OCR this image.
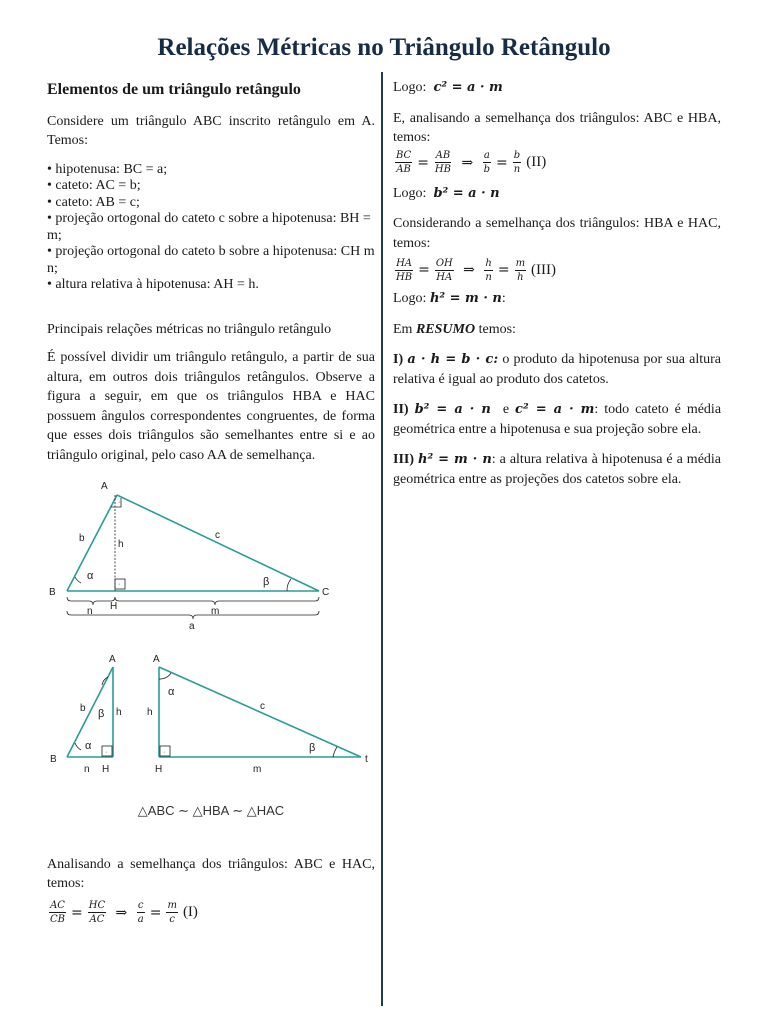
Relações Métricas no Triângulo Retângulo

Elementos de um triângulo retângulo

Considere um triângulo ABC inscrito retângulo em A. Temos:

• hipotenusa: BC = a;

• cateto: AC = b;

• cateto: AB = c;

• projeção ortogonal do cateto c sobre a hipotenusa: BH = m;

• projeção ortogonal do cateto b sobre a hipotenusa: CH m n;

• altura relativa à hipotenusa: AH = h.

Principais relações métricas no triângulo retângulo

É possível dividir um triângulo retângulo, a partir de sua altura, em outros dois triângulos retângulos. Observe a figura a seguir, em que os triângulos HBA e HAC possuem ângulos correspondentes congruentes, de forma que esses dois triângulos são semelhantes entre si e ao triângulo original, pelo caso AA de semelhança.

·
·
A
B	C
H
b	c
h
α	β
n	m
a
·	·
A
B
b	h
β
α
n H
A
h
α
c
β
H	m
t

△ABC ∼ △HBA ∼ △HAC

Analisando a semelhança dos triângulos: ABC e HAC, temos:

$\frac{AC}{CB} = \frac{HC}{AC}$ ⇒ $\frac{c}{a} = \frac{m}{c} (I)$

Logo: c² = a · m

E, analisando a semelhança dos triângulos: ABC e HBA, temos:

$\frac{BC}{AB} = \frac{AB}{HB}$ ⇒ $\frac{a}{b} = \frac{b}{n} (II)$

Logo: b² = a · n

Considerando a semelhança dos triângulos: HBA e HAC, temos:

$\frac{HA}{HB} = \frac{OH}{HA}$ ⇒ $\frac{h}{n} = \frac{m}{h} (III)$

Logo: h² = m · n:

Em RESUMO temos:

I) a · h = b · c: o produto da hipotenusa por sua altura relativa é igual ao produto dos catetos.

II) b² = a · n e c² = a · m: todo cateto é média geométrica entre a hipotenusa e sua projeção sobre ela.

III) h² = m · n: a altura relativa à hipotenusa é a média geométrica entre as projeções dos catetos sobre ela.
